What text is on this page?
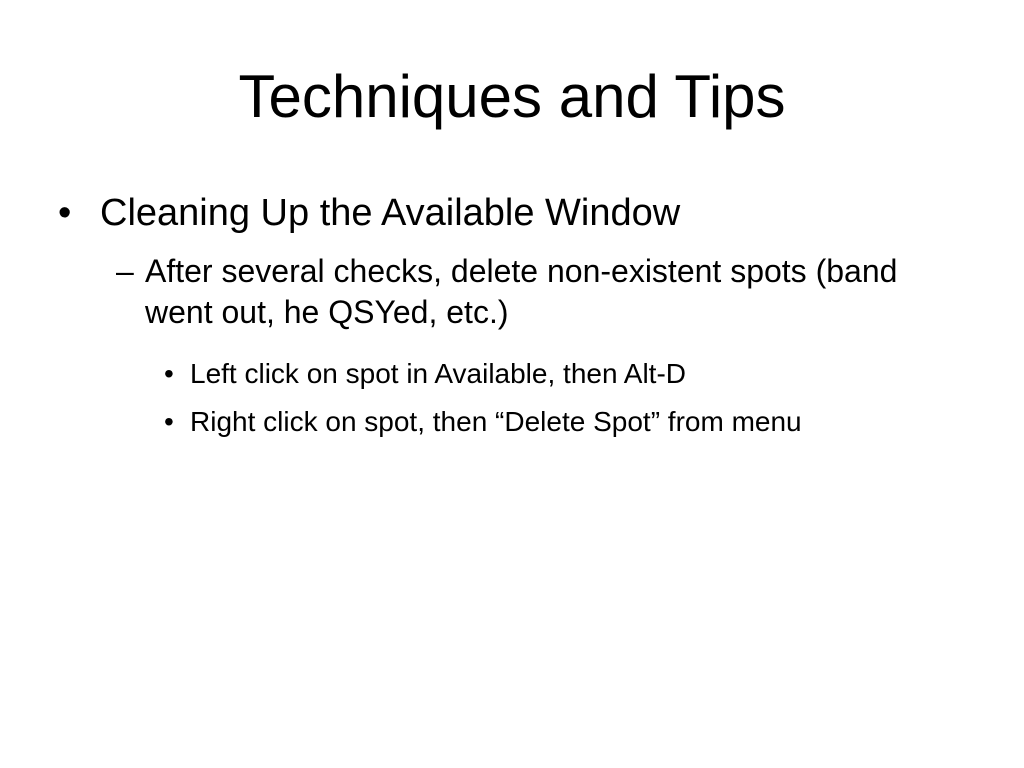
Techniques and Tips
• Cleaning Up the Available Window
– After several checks, delete non-existent spots (band went out, he QSYed, etc.)
• Left click on spot in Available, then Alt-D
• Right click on spot, then “Delete Spot” from menu
